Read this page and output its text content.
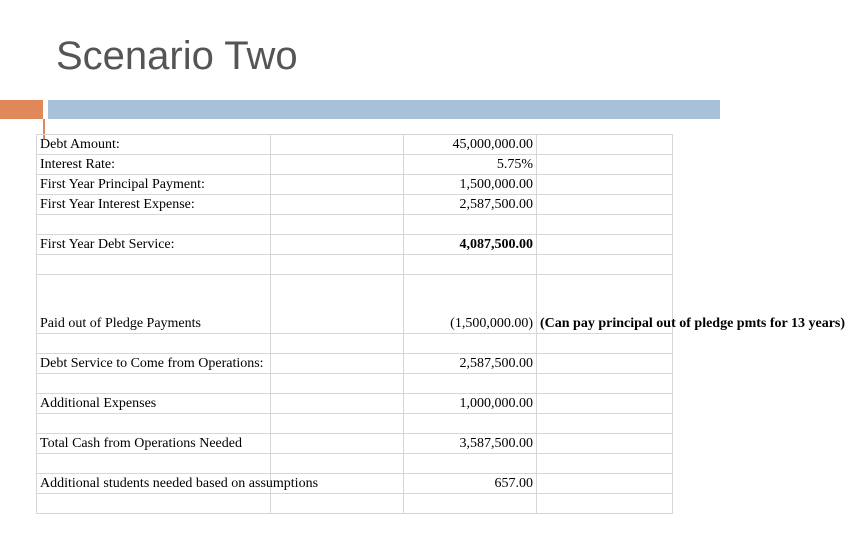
Scenario Two
Debt Amount:		45,000,000.00	
Interest Rate:		5.75%	
First Year Principal Payment:		1,500,000.00	
First Year Interest Expense:		2,587,500.00	

First Year Debt Service:		4,087,500.00	

Paid out of Pledge Payments		(1,500,000.00)	(Can pay principal out of pledge pmts for 13 years)

Debt Service to Come from Operations:		2,587,500.00	

Additional Expenses		1,000,000.00	

Total Cash from Operations Needed		3,587,500.00	

Additional students needed based on assumptions		657.00	
